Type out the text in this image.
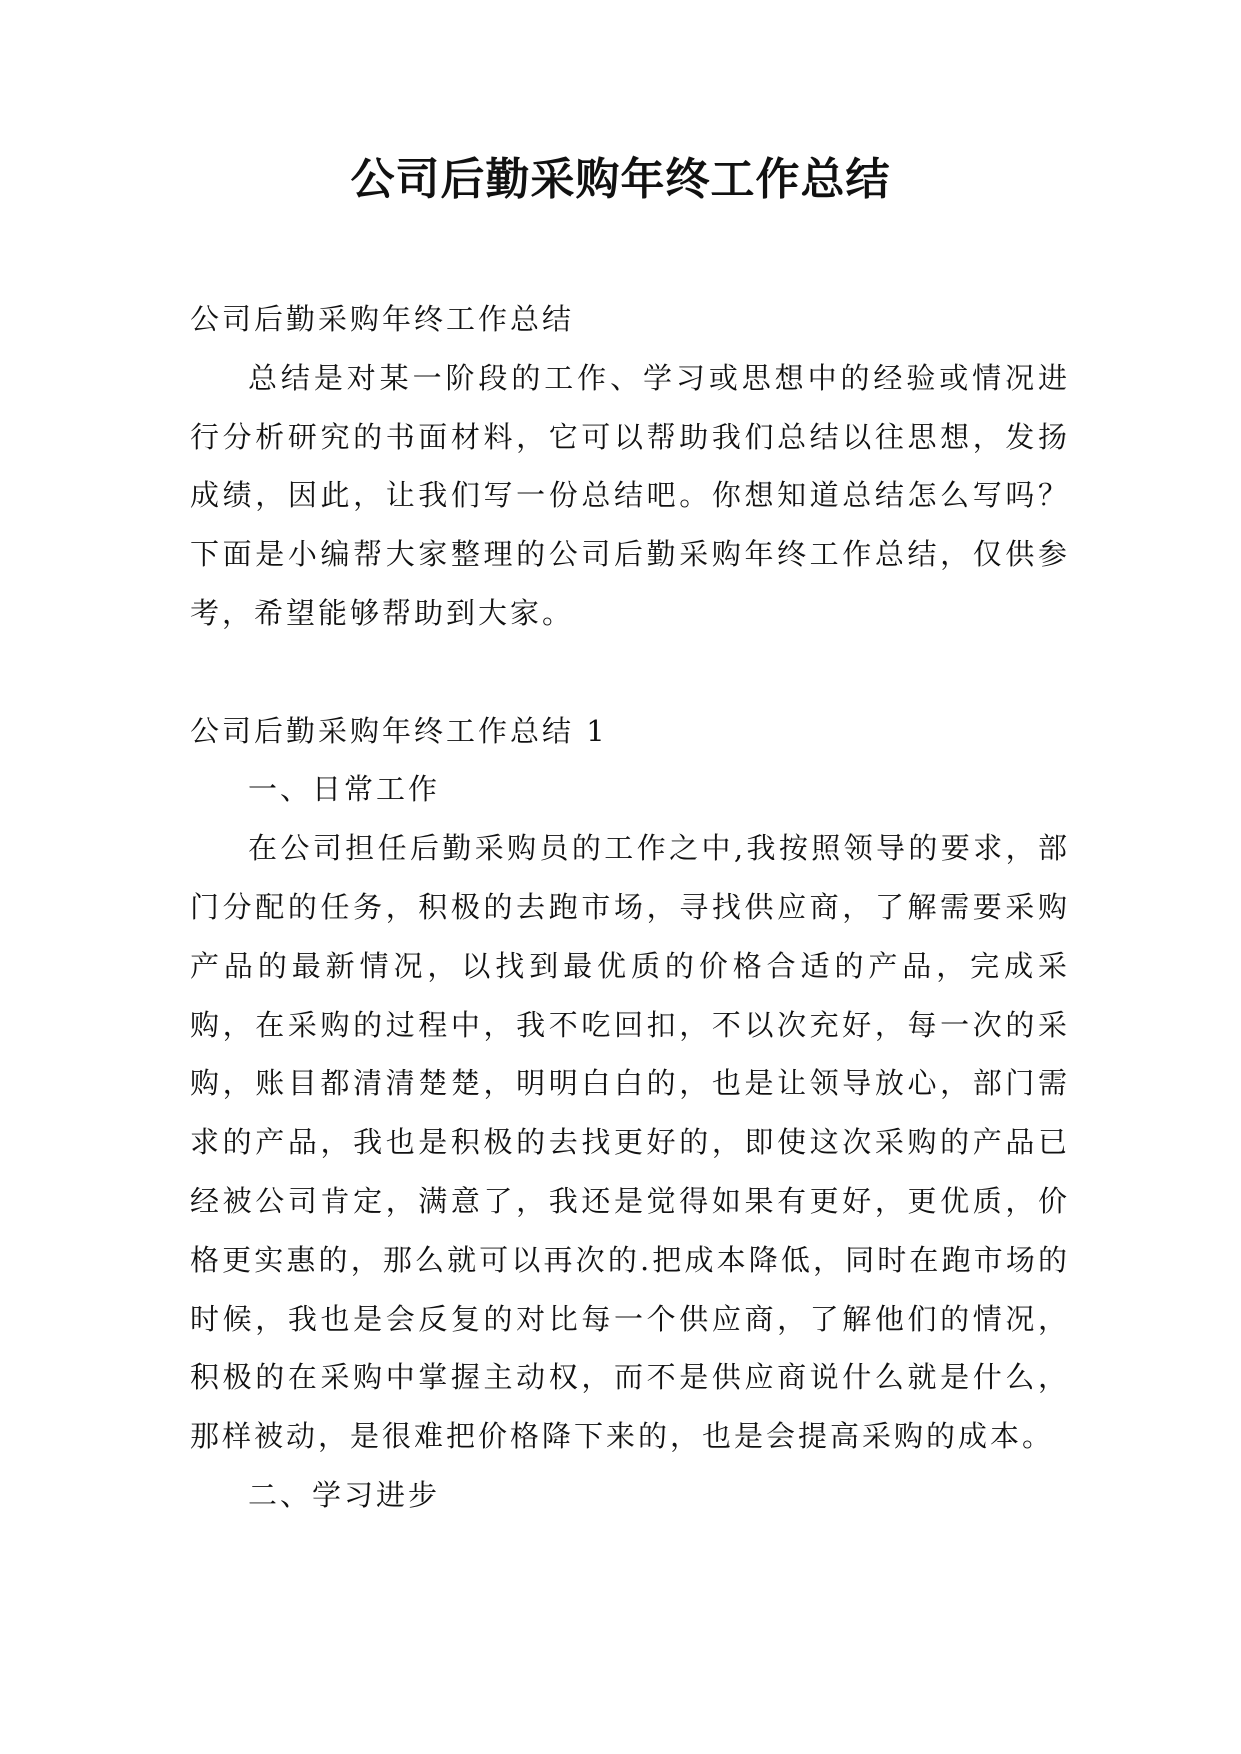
公司后勤采购年终工作总结

公司后勤采购年终工作总结

总结是对某一阶段的工作、学习或思想中的经验或情况进行分析研究的书面材料，它可以帮助我们总结以往思想，发扬成绩，因此，让我们写一份总结吧。你想知道总结怎么写吗？下面是小编帮大家整理的公司后勤采购年终工作总结，仅供参考，希望能够帮助到大家。

公司后勤采购年终工作总结 1

一、日常工作

在公司担任后勤采购员的工作之中,我按照领导的要求，部门分配的任务，积极的去跑市场，寻找供应商，了解需要采购产品的最新情况，以找到最优质的价格合适的产品，完成采购，在采购的过程中，我不吃回扣，不以次充好，每一次的采购，账目都清清楚楚，明明白白的，也是让领导放心，部门需求的产品，我也是积极的去找更好的，即使这次采购的产品已经被公司肯定，满意了，我还是觉得如果有更好，更优质，价格更实惠的，那么就可以再次的.把成本降低，同时在跑市场的时候，我也是会反复的对比每一个供应商，了解他们的情况，积极的在采购中掌握主动权，而不是供应商说什么就是什么，那样被动，是很难把价格降下来的，也是会提高采购的成本。

二、学习进步
